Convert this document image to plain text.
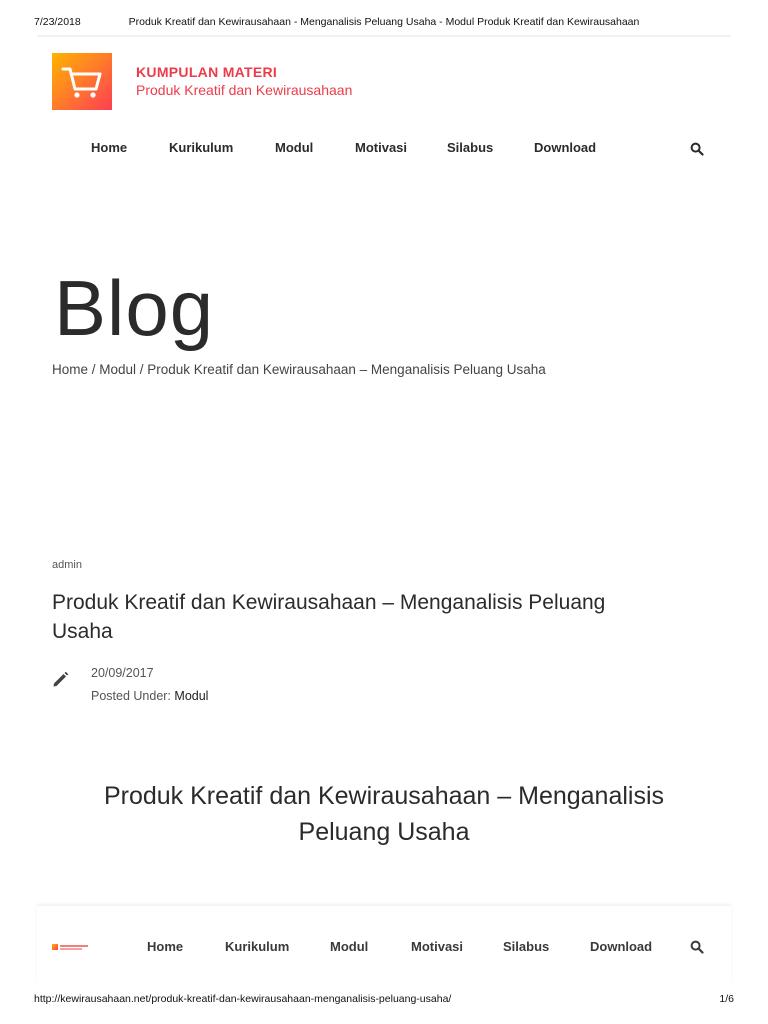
7/23/2018	Produk Kreatif dan Kewirausahaan - Menganalisis Peluang Usaha - Modul Produk Kreatif dan Kewirausahaan
KUMPULAN MATERI
Produk Kreatif dan Kewirausahaan
Home	Kurikulum	Modul	Motivasi	Silabus	Download
Blog
Home / Modul / Produk Kreatif dan Kewirausahaan – Menganalisis Peluang Usaha
admin
Produk Kreatif dan Kewirausahaan – Menganalisis Peluang Usaha
20/09/2017
Posted Under: Modul
Produk Kreatif dan Kewirausahaan – Menganalisis Peluang Usaha
Home	Kurikulum	Modul	Motivasi	Silabus	Download
http://kewirausahaan.net/produk-kreatif-dan-kewirausahaan-menganalisis-peluang-usaha/	1/6
